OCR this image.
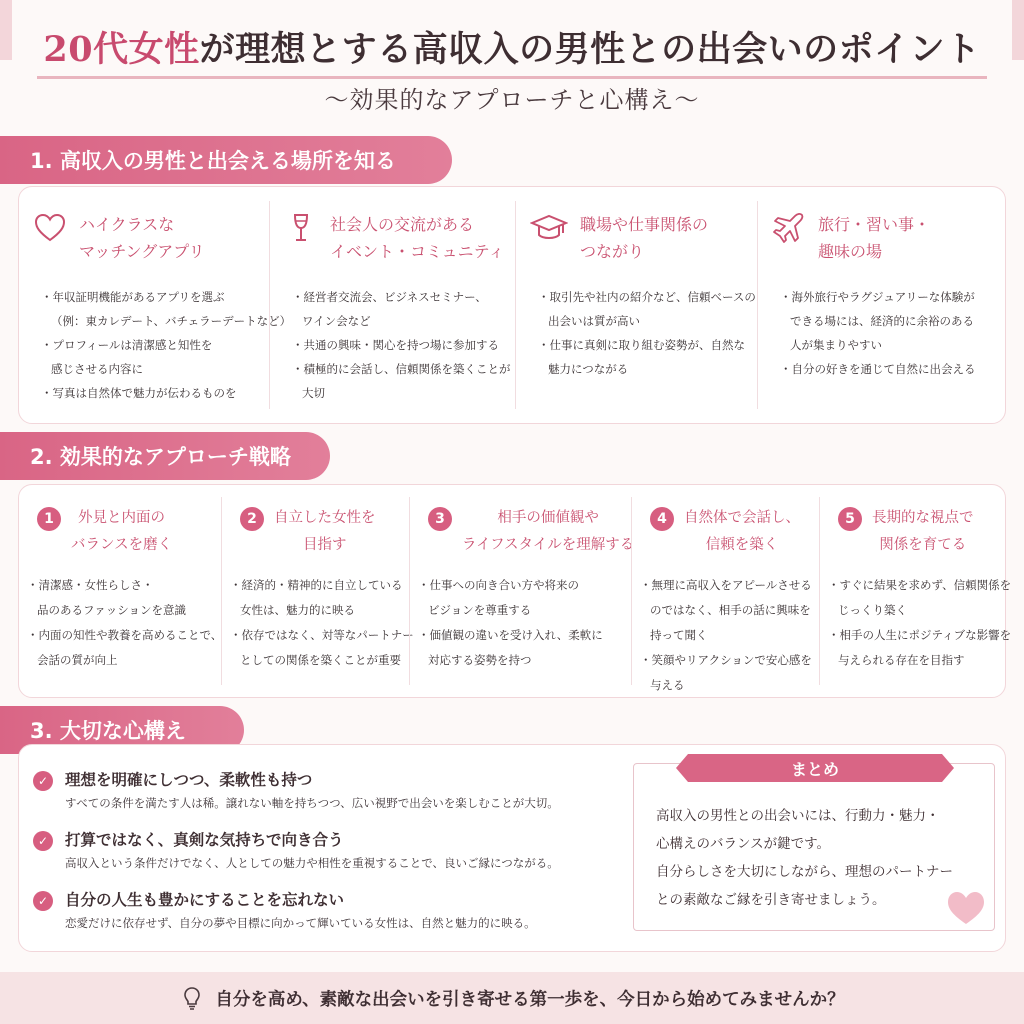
20代女性が理想とする高収入の男性との出会いのポイント
〜効果的なアプローチと心構え〜
1. 高収入の男性と出会える場所を知る
ハイクラスな
マッチングアプリ
・年収証明機能があるアプリを選ぶ
（例：東カレデート、バチェラーデートなど）
・プロフィールは清潔感と知性を
感じさせる内容に
・写真は自然体で魅力が伝わるものを
社会人の交流がある
イベント・コミュニティ
・経営者交流会、ビジネスセミナー、
ワイン会など
・共通の興味・関心を持つ場に参加する
・積極的に会話し、信頼関係を築くことが
大切
職場や仕事関係の
つながり
・取引先や社内の紹介など、信頼ベースの
出会いは質が高い
・仕事に真剣に取り組む姿勢が、自然な
魅力につながる
旅行・習い事・
趣味の場
・海外旅行やラグジュアリーな体験が
できる場には、経済的に余裕のある
人が集まりやすい
・自分の好きを通じて自然に出会える
2. 効果的なアプローチ戦略
1	外見と内面の
バランスを磨く
・清潔感・女性らしさ・
品のあるファッションを意識
・内面の知性や教養を高めることで、
会話の質が向上
2	自立した女性を
目指す
・経済的・精神的に自立している
女性は、魅力的に映る
・依存ではなく、対等なパートナー
としての関係を築くことが重要
3	相手の価値観や
ライフスタイルを理解する
・仕事への向き合い方や将来の
ビジョンを尊重する
・価値観の違いを受け入れ、柔軟に
対応する姿勢を持つ
4	自然体で会話し、
信頼を築く
・無理に高収入をアピールさせる
のではなく、相手の話に興味を
持って聞く
・笑顔やリアクションで安心感を
与える
5	長期的な視点で
関係を育てる
・すぐに結果を求めず、信頼関係を
じっくり築く
・相手の人生にポジティブな影響を
与えられる存在を目指す
3. 大切な心構え
✓	理想を明確にしつつ、柔軟性も持つ
すべての条件を満たす人は稀。譲れない軸を持ちつつ、広い視野で出会いを楽しむことが大切。
✓	打算ではなく、真剣な気持ちで向き合う
高収入という条件だけでなく、人としての魅力や相性を重視することで、良いご縁につながる。
✓	自分の人生も豊かにすることを忘れない
恋愛だけに依存せず、自分の夢や目標に向かって輝いている女性は、自然と魅力的に映る。
まとめ
高収入の男性との出会いには、行動力・魅力・
心構えのバランスが鍵です。
自分らしさを大切にしながら、理想のパートナー
との素敵なご縁を引き寄せましょう。
自分を高め、素敵な出会いを引き寄せる第一歩を、今日から始めてみませんか？
